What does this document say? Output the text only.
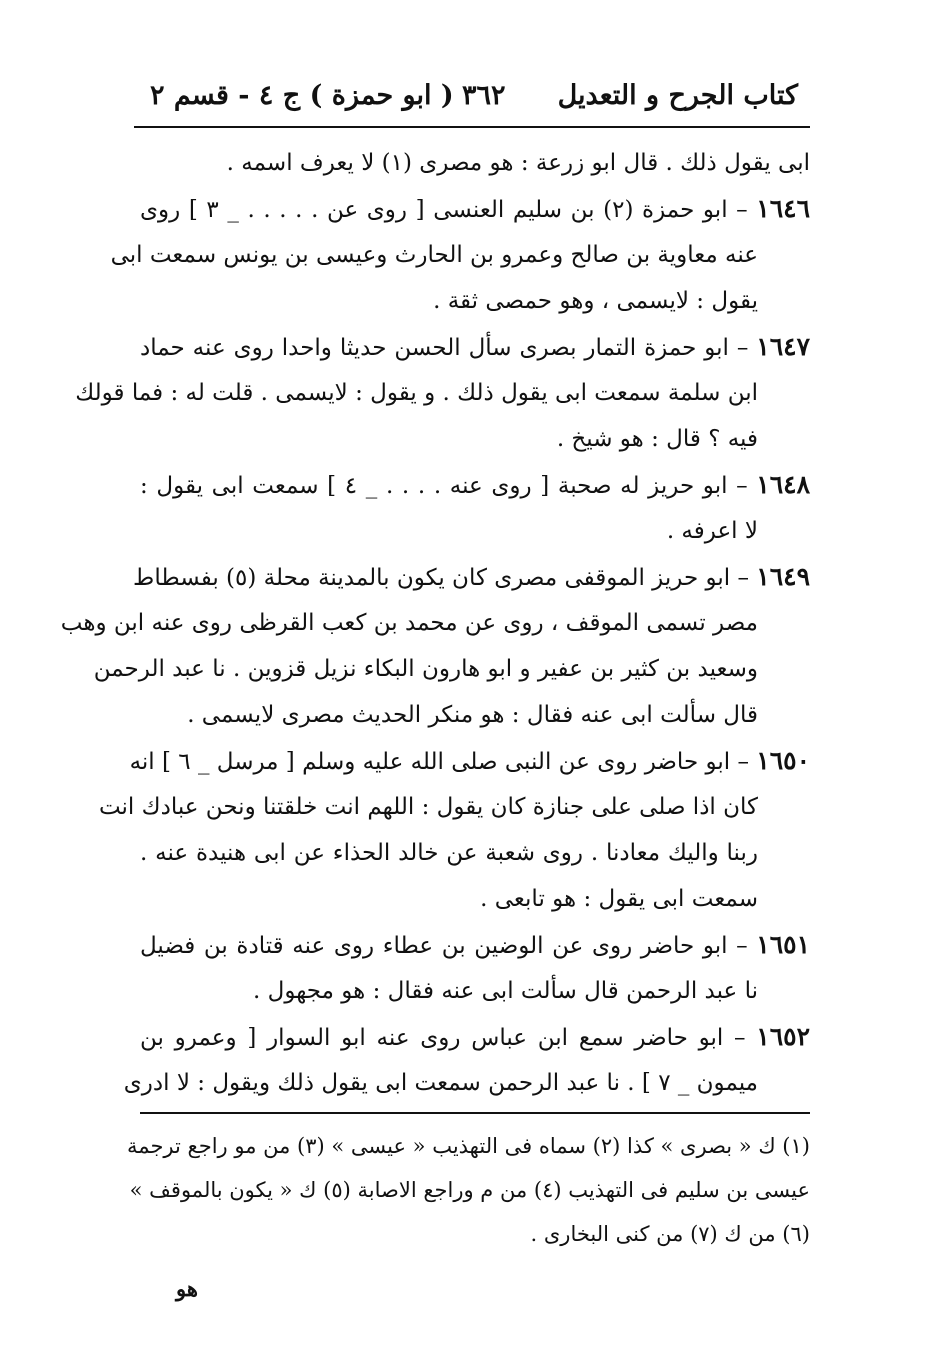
كتاب الجرح و التعديل
٣٦٢
( ابو حمزة ) ج ٤ - قسم ٢
ابى يقول ذلك . قال ابو زرعة : هو مصرى (١) لا يعرف اسمه .
١٦٤٦ – ابو حمزة (٢) بن سليم العنسى [ روى عن . . . . . _ ٣ ] روى
عنه معاوية بن صالح وعمرو بن الحارث وعيسى بن يونس سمعت ابى
يقول : لايسمى ، وهو حمصى ثقة .
١٦٤٧ – ابو حمزة التمار بصرى سأل الحسن حديثا واحدا روى عنه حماد
ابن سلمة سمعت ابى يقول ذلك . و يقول : لايسمى . قلت له : فما قولك
فيه ؟ قال : هو شيخ .
١٦٤٨ – ابو حريز له صحبة [ روى عنه . . . . _ ٤ ] سمعت ابى يقول :
لا اعرفه .
١٦٤٩ – ابو حريز الموقفى مصرى كان يكون بالمدينة محلة (٥) بفسطاط
مصر تسمى الموقف ، روى عن محمد بن كعب القرظى روى عنه ابن وهب
وسعيد بن كثير بن عفير و ابو هارون البكاء نزيل قزوين . نا عبد الرحمن
قال سألت ابى عنه فقال : هو منكر الحديث مصرى لايسمى .
١٦٥٠ – ابو حاضر روى عن النبى صلى الله عليه وسلم [ مرسل _ ٦ ] انه
كان اذا صلى على جنازة كان يقول : اللهم انت خلقتنا ونحن عبادك انت
ربنا واليك معادنا . روى شعبة عن خالد الحذاء عن ابى هنيدة عنه .
سمعت ابى يقول : هو تابعى .
١٦٥١ – ابو حاضر روى عن الوضين بن عطاء روى عنه قتادة بن فضيل
نا عبد الرحمن قال سألت ابى عنه فقال : هو مجهول .
١٦٥٢ – ابو حاضر سمع ابن عباس روى عنه ابو السوار [ وعمرو بن
ميمون _ ٧ ] . نا عبد الرحمن سمعت ابى يقول ذلك ويقول : لا ادرى
(١) ك « بصرى » كذا (٢) سماه فى التهذيب « عيسى » (٣) من مو راجع ترجمة
عيسى بن سليم فى التهذيب (٤) من م وراجع الاصابة (٥) ك « يكون بالموقف »
(٦) من ك (٧) من كنى البخارى .
هو
